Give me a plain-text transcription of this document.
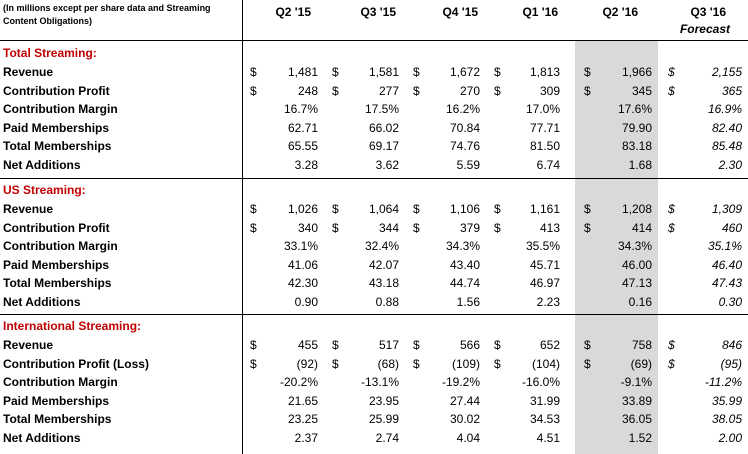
(In millions except per share data and Streaming Content Obligations)
Q2 '15	Q3 '15	Q4 '15	Q1 '16	Q2 '16	Q3 '16
Forecast
Total Streaming:
Revenue	$	1,481 $	1,581 $	1,672 $	1,813 $	1,966 $	2,155
Contribution Profit	$	248 $	277 $	270 $	309 $	345 $	365
Contribution Margin	16.7%	17.5%	16.2%	17.0%	17.6%	16.9%
Paid Memberships	62.71	66.02	70.84	77.71	79.90	82.40
Total Memberships	65.55	69.17	74.76	81.50	83.18	85.48
Net Additions	3.28	3.62	5.59	6.74	1.68	2.30
US Streaming:
Revenue	$	1,026 $	1,064 $	1,106 $	1,161 $	1,208 $	1,309
Contribution Profit	$	340 $	344 $	379 $	413 $	414 $	460
Contribution Margin	33.1%	32.4%	34.3%	35.5%	34.3%	35.1%
Paid Memberships	41.06	42.07	43.40	45.71	46.00	46.40
Total Memberships	42.30	43.18	44.74	46.97	47.13	47.43
Net Additions	0.90	0.88	1.56	2.23	0.16	0.30
International Streaming:
Revenue	$	455 $	517 $	566 $	652 $	758 $	846
Contribution Profit (Loss)	$	(92) $	(68) $	(109) $	(104) $	(69) $	(95)
Contribution Margin	-20.2%	-13.1%	-19.2%	-16.0%	-9.1%	-11.2%
Paid Memberships	21.65	23.95	27.44	31.99	33.89	35.99
Total Memberships	23.25	25.99	30.02	34.53	36.05	38.05
Net Additions	2.37	2.74	4.04	4.51	1.52	2.00
